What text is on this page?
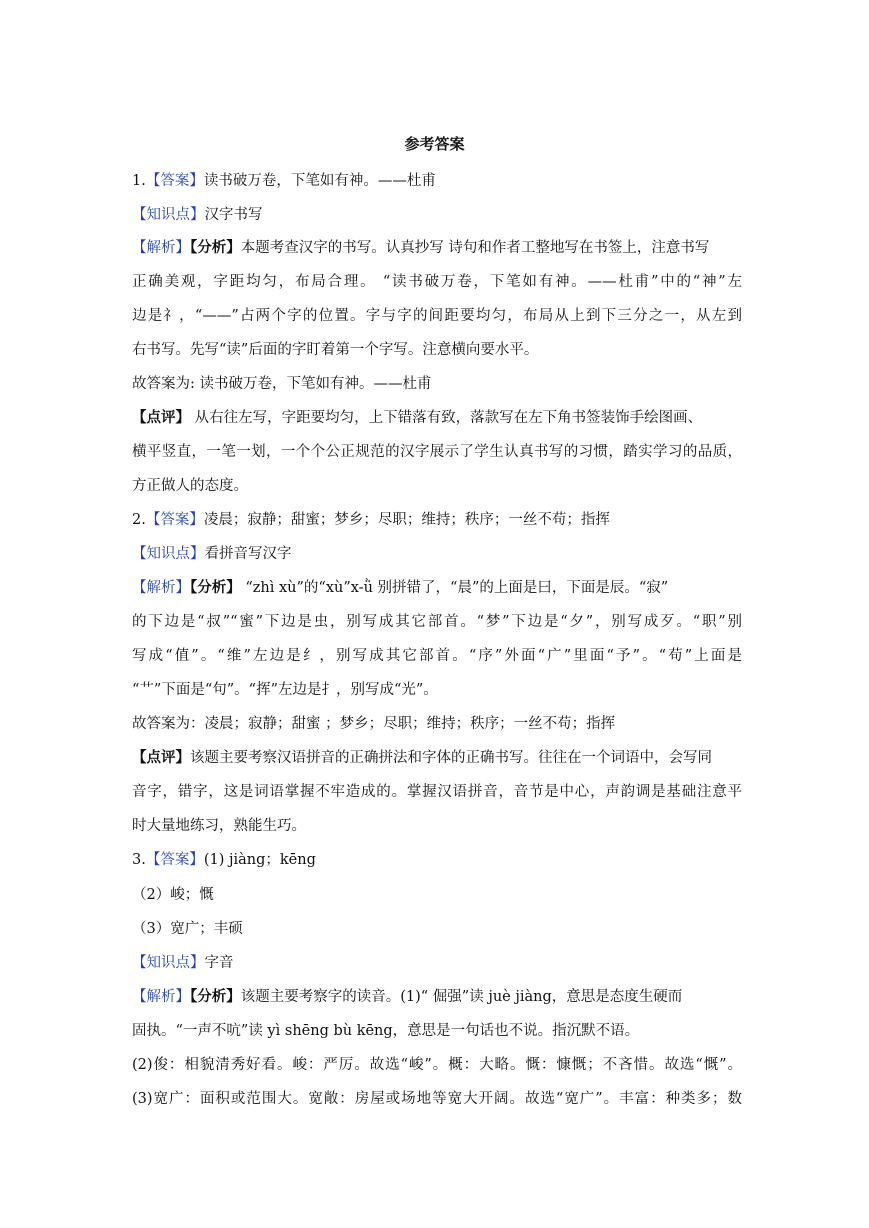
参考答案
1.【答案】读书破万卷，下笔如有神。——杜甫
【知识点】汉字书写
【解析】【分析】本题考查汉字的书写。认真抄写 诗句和作者工整地写在书签上，注意书写
正确美观，字距均匀，布局合理。 “读书破万卷，下笔如有神。——杜甫”中的“神”左
边是礻，“——”占两个字的位置。字与字的间距要均匀，布局从上到下三分之一，从左到
右书写。先写“读”后面的字盯着第一个字写。注意横向要水平。
故答案为: 读书破万卷，下笔如有神。——杜甫
【点评】 从右往左写，字距要均匀，上下错落有致，落款写在左下角书签装饰手绘图画、
横平竖直，一笔一划，一个个公正规范的汉字展示了学生认真书写的习惯，踏实学习的品质，
方正做人的态度。
2.【答案】凌晨；寂静；甜蜜；梦乡；尽职；维持；秩序；一丝不苟；指挥
【知识点】看拼音写汉字
【解析】【分析】 “zhì xù”的“xù”x-ǜ 别拼错了，“晨”的上面是曰，下面是辰。“寂”
的下边是“叔”“蜜”下边是虫，别写成其它部首。“梦”下边是“夕”，别写成歹。“职”别
写成“值”。“维”左边是纟，别写成其它部首。“序”外面“广”里面“予”。“苟”上面是
“艹”下面是“句”。“挥”左边是扌，别写成“光”。
故答案为：凌晨；寂静；甜蜜 ；梦乡；尽职；维持；秩序；一丝不苟；指挥
【点评】该题主要考察汉语拼音的正确拼法和字体的正确书写。往往在一个词语中，会写同
音字，错字，这是词语掌握不牢造成的。掌握汉语拼音，音节是中心，声韵调是基础注意平
时大量地练习，熟能生巧。
3.【答案】(1) jiàng；kēng
（2）峻；慨
（3）宽广；丰硕
【知识点】字音
【解析】【分析】该题主要考察字的读音。(1)“ 倔强”读 juè jiàng，意思是态度生硬而
固执。“一声不吭”读 yì shēng bù kēng，意思是一句话也不说。指沉默不语。
(2)俊：相貌清秀好看。峻：严厉。故选“峻”。概：大略。慨：慷慨；不吝惜。故选“慨”。
(3)宽广：面积或范围大。宽敞：房屋或场地等宽大开阔。故选“宽广”。丰富：种类多；数
